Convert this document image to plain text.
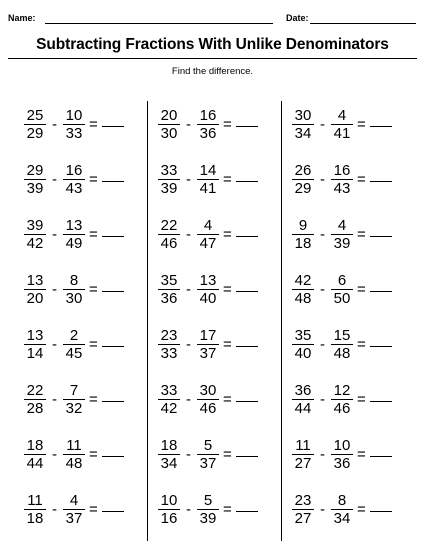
Name:	Date:
Subtracting Fractions With Unlike Denominators
Find the difference.
$\frac{25}{29} - \frac{10}{33}$ =	$\frac{20}{30} - \frac{16}{36}$ =	$\frac{30}{34} - \frac{4}{41}$ =
$\frac{29}{39} - \frac{16}{43}$ =	$\frac{33}{39} - \frac{14}{41}$ =	$\frac{26}{29} - \frac{16}{43}$ =
$\frac{39}{42} - \frac{13}{49}$ =	$\frac{22}{46} - \frac{4}{47}$ =	$\frac{9}{18} - \frac{4}{39}$ =
$\frac{13}{20} - \frac{8}{30}$ =	$\frac{35}{36} - \frac{13}{40}$ =	$\frac{42}{48} - \frac{6}{50}$ =
$\frac{13}{14} - \frac{2}{45}$ =	$\frac{23}{33} - \frac{17}{37}$ =	$\frac{35}{40} - \frac{15}{48}$ =
$\frac{22}{28} - \frac{7}{32}$ =	$\frac{33}{42} - \frac{30}{46}$ =	$\frac{36}{44} - \frac{12}{46}$ =
$\frac{18}{44} - \frac{11}{48}$ =	$\frac{18}{34} - \frac{5}{37}$ =	$\frac{11}{27} - \frac{10}{36}$ =
$\frac{11}{18} - \frac{4}{37}$ =	$\frac{10}{16} - \frac{5}{39}$ =	$\frac{23}{27} - \frac{8}{34}$ =
